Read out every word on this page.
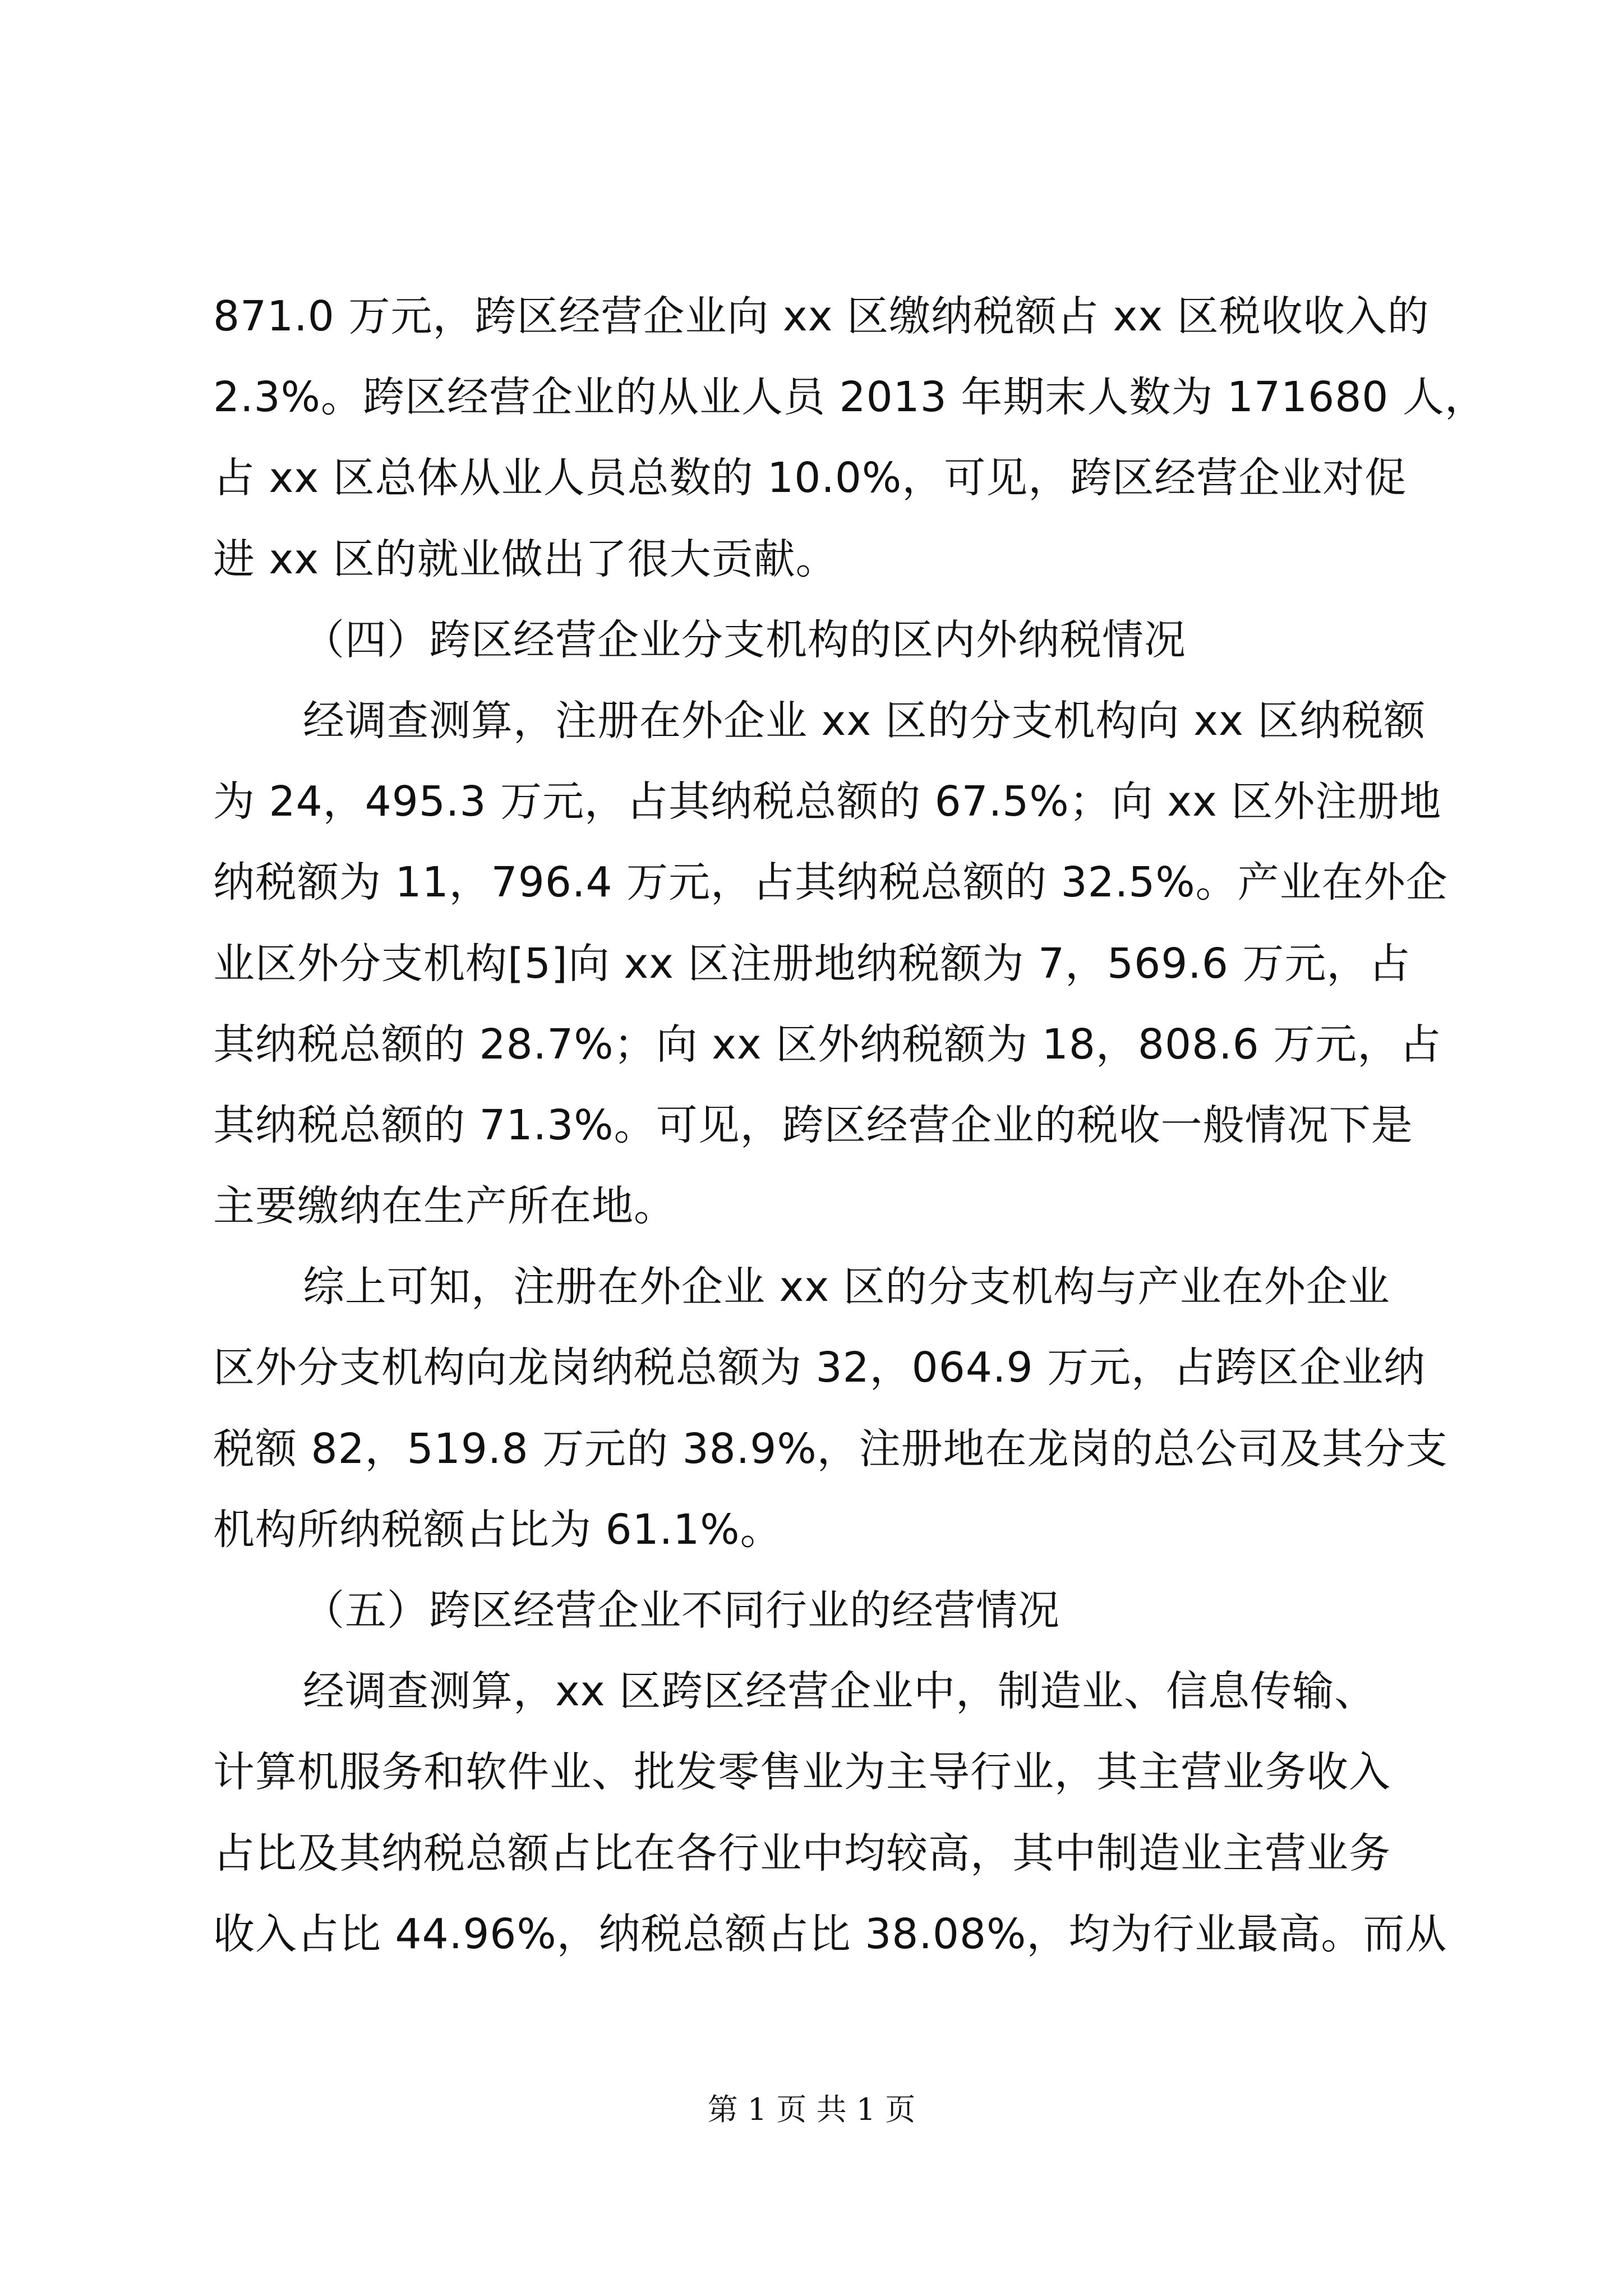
871.0 万元，跨区经营企业向 xx 区缴纳税额占 xx 区税收收入的
2.3%。跨区经营企业的从业人员 2013 年期末人数为 171680 人，
占 xx 区总体从业人员总数的 10.0%，可见，跨区经营企业对促
进 xx 区的就业做出了很大贡献。
（四）跨区经营企业分支机构的区内外纳税情况
经调查测算，注册在外企业 xx 区的分支机构向 xx 区纳税额
为 24，495.3 万元，占其纳税总额的 67.5%；向 xx 区外注册地
纳税额为 11，796.4 万元，占其纳税总额的 32.5%。产业在外企
业区外分支机构[5]向 xx 区注册地纳税额为 7，569.6 万元，占
其纳税总额的 28.7%；向 xx 区外纳税额为 18，808.6 万元，占
其纳税总额的 71.3%。可见，跨区经营企业的税收一般情况下是
主要缴纳在生产所在地。
综上可知，注册在外企业 xx 区的分支机构与产业在外企业
区外分支机构向龙岗纳税总额为 32，064.9 万元，占跨区企业纳
税额 82，519.8 万元的 38.9%，注册地在龙岗的总公司及其分支
机构所纳税额占比为 61.1%。
（五）跨区经营企业不同行业的经营情况
经调查测算，xx 区跨区经营企业中，制造业、信息传输、
计算机服务和软件业、批发零售业为主导行业，其主营业务收入
占比及其纳税总额占比在各行业中均较高，其中制造业主营业务
收入占比 44.96%，纳税总额占比 38.08%，均为行业最高。而从
第 1 页 共 1 页
